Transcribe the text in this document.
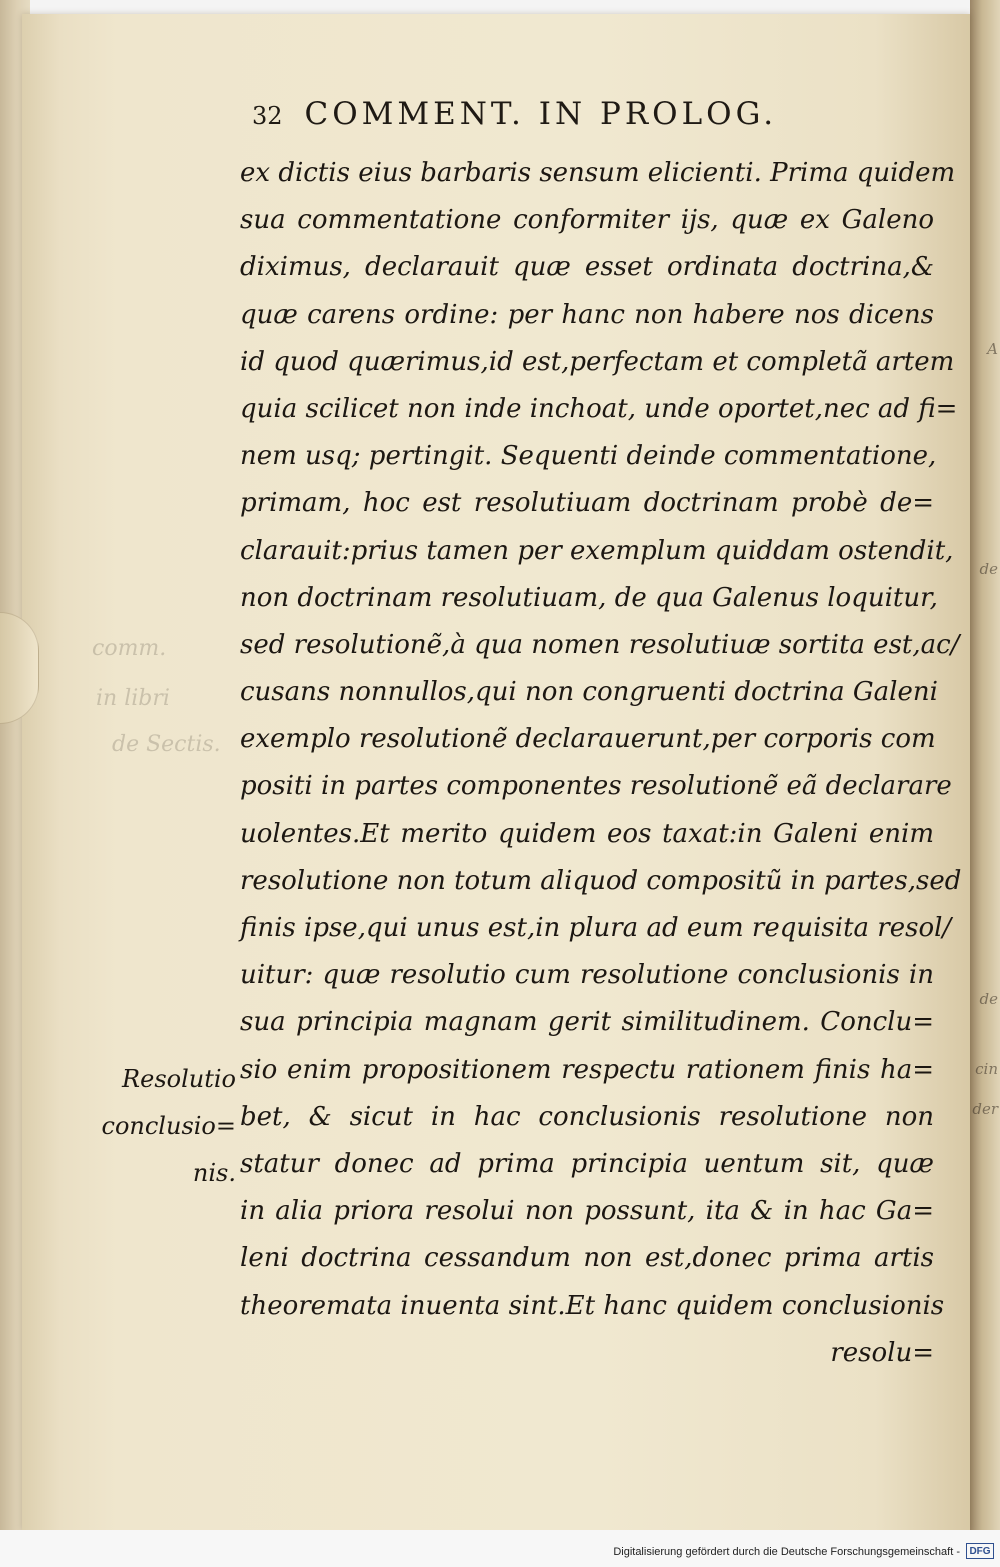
A
de
de
cin
der
comm.
in libri
de Sectis.
32 COMMENT. IN PROLOG.
ex dictis eius barbaris sensum elicienti. Prima quidem
sua commentatione conformiter ijs, quæ ex Galeno
diximus, declarauit quæ esset ordinata doctrina,&
quæ carens ordine: per hanc non habere nos dicens
id quod quærimus,id est,perfectam et completã artem
quia scilicet non inde inchoat, unde oportet,nec ad fi=
nem usq; pertingit. Sequenti deinde commentatione,
primam, hoc est resolutiuam doctrinam probè de=
clarauit:prius tamen per exemplum quiddam ostendit,
non doctrinam resolutiuam, de qua Galenus loquitur,
sed resolutionẽ,à qua nomen resolutiuæ sortita est,ac/
cusans nonnullos,qui non congruenti doctrina Galeni
exemplo resolutionẽ declarauerunt,per corporis com
positi in partes componentes resolutionẽ eã declarare
uolentes.Et merito quidem eos taxat:in Galeni enim
resolutione non totum aliquod compositũ in partes,sed
finis ipse,qui unus est,in plura ad eum requisita resol/
uitur: quæ resolutio cum resolutione conclusionis in
sua principia magnam gerit similitudinem. Conclu=
sio enim propositionem respectu rationem finis ha=
bet, & sicut in hac conclusionis resolutione non
statur donec ad prima principia uentum sit, quæ
in alia priora resolui non possunt, ita & in hac Ga=
leni doctrina cessandum non est,donec prima artis
theoremata inuenta sint.Et hanc quidem conclusionis
resolu=
Resolutio
conclusio=
nis.
Digitalisierung gefördert durch die Deutsche Forschungsgemeinschaft - DFG
